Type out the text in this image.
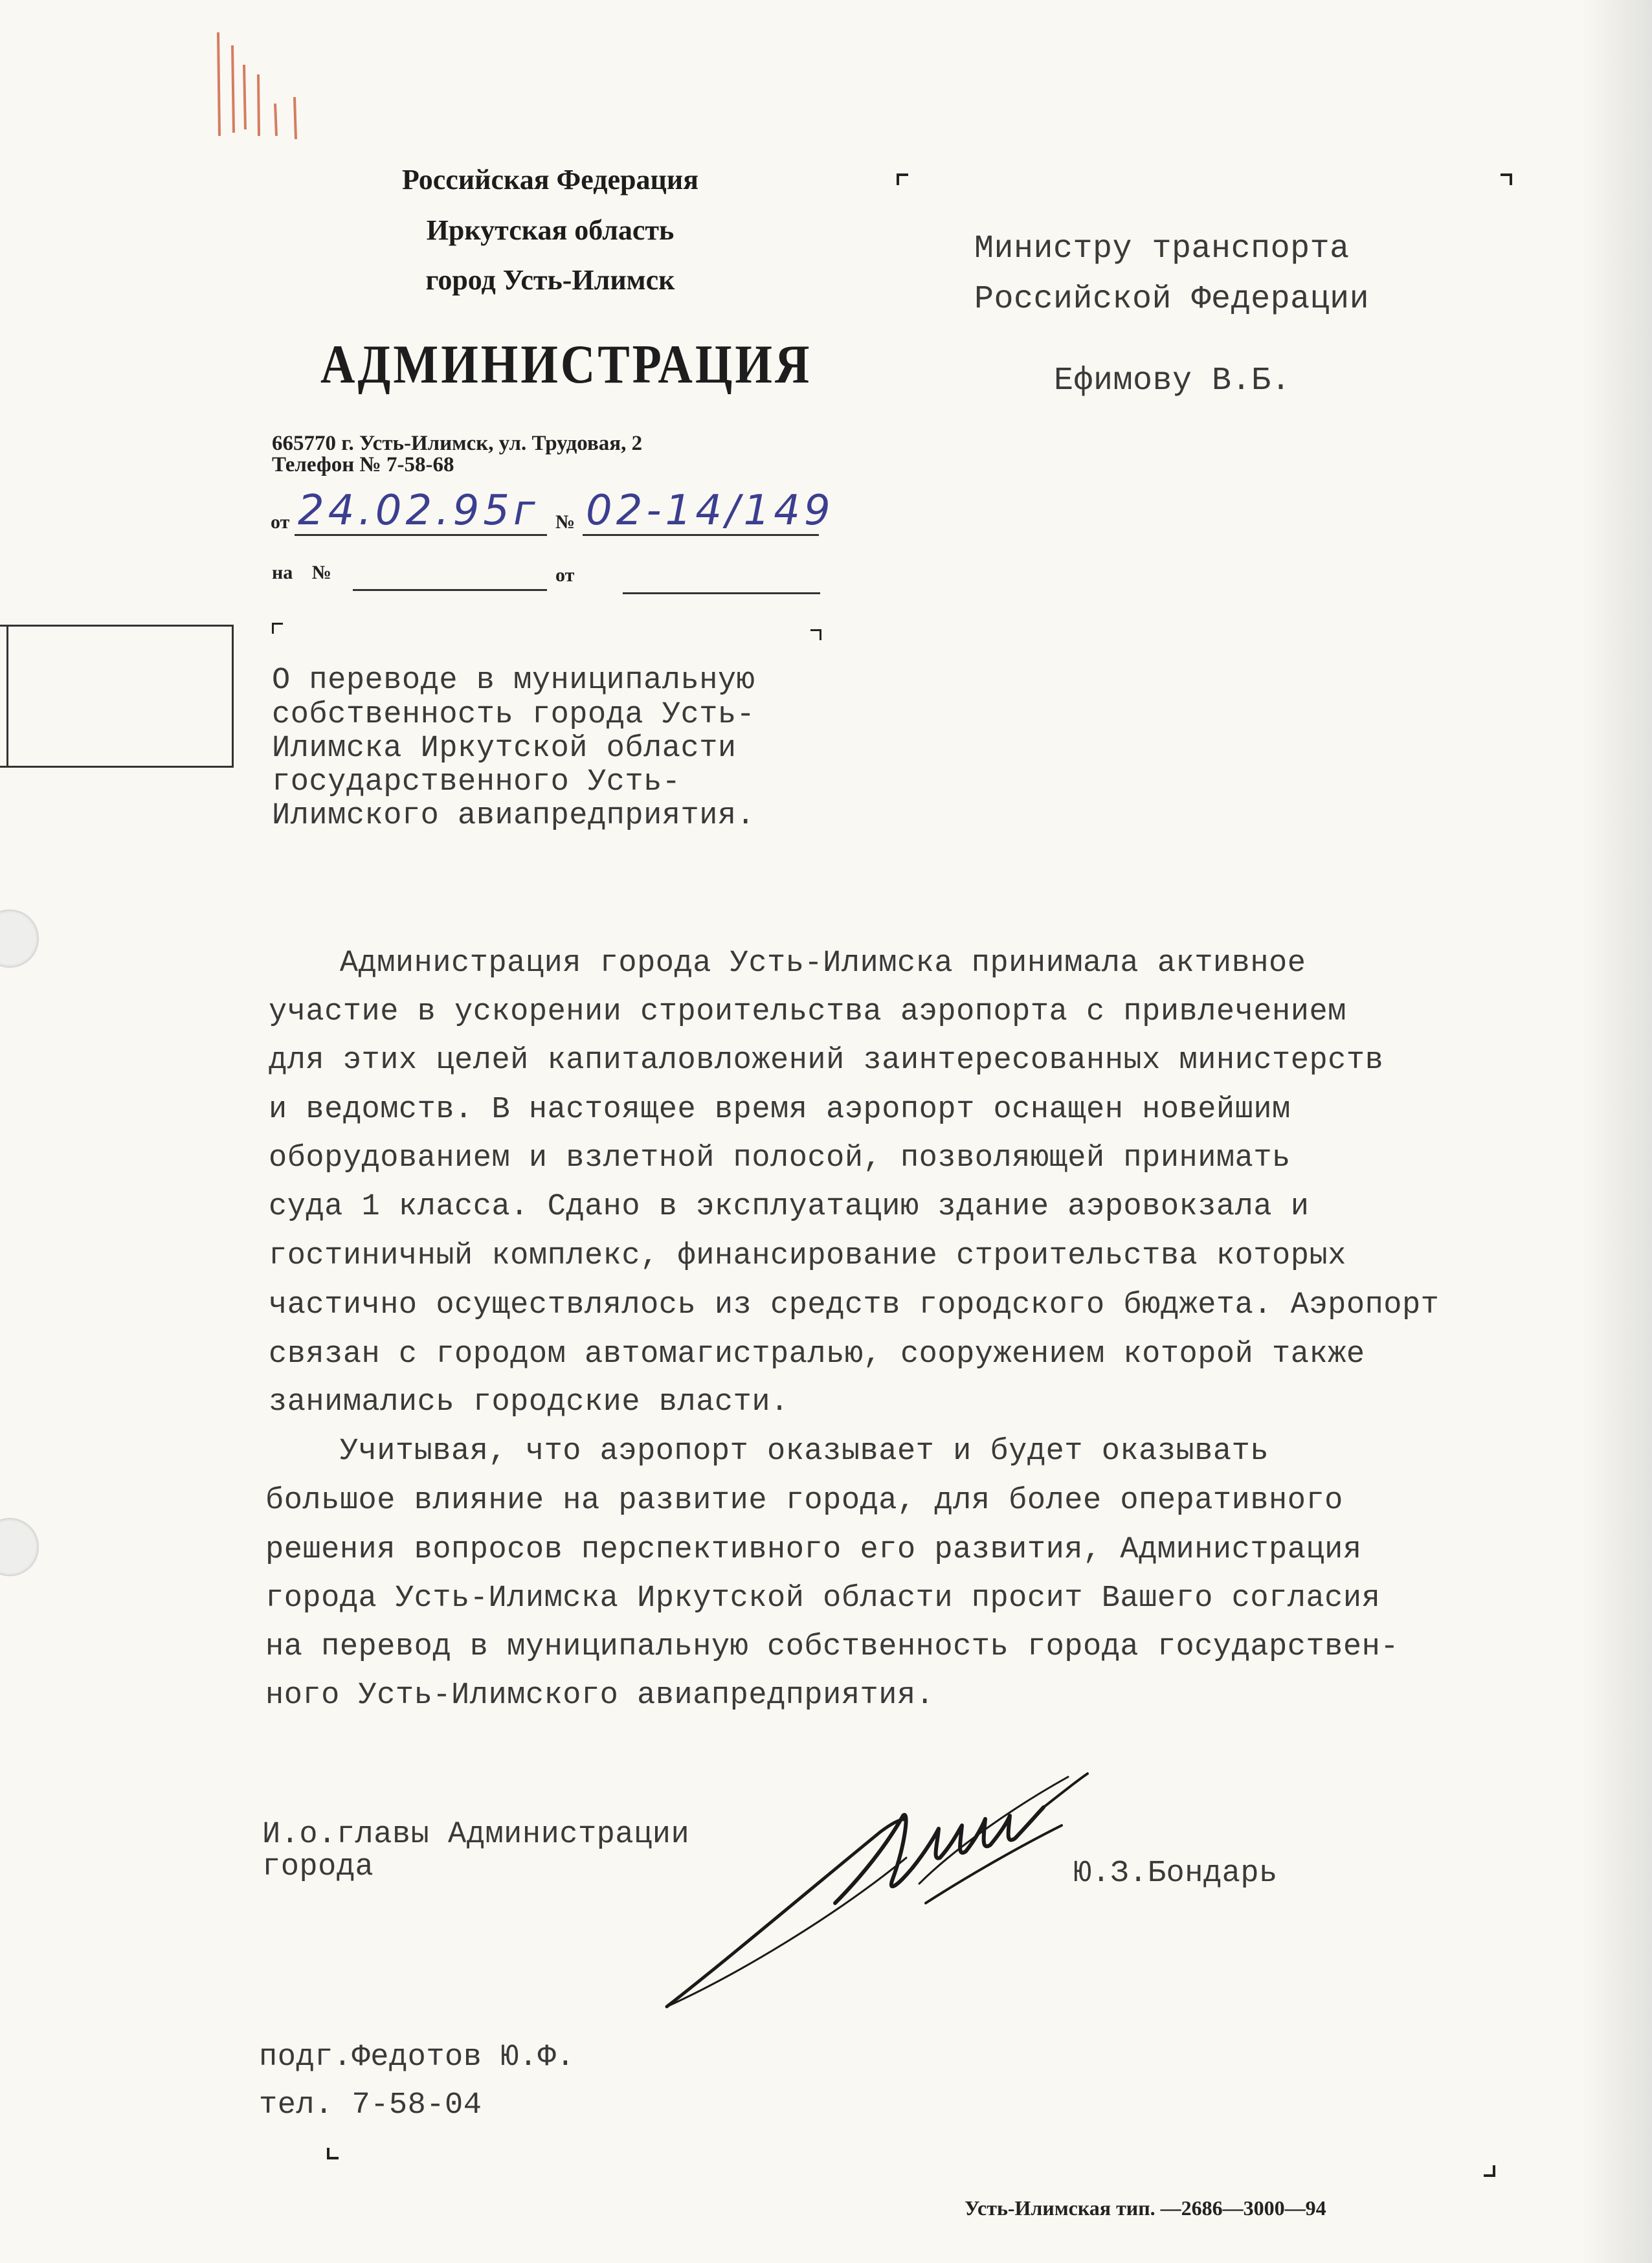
Российская Федерация
Иркутская область
город Усть-Илимск
АДМИНИСТРАЦИЯ
665770 г. Усть-Илимск, ул. Трудовая, 2
Телефон № 7-58-68
от 24.02.95г № 02-14/149
на №	от
Министру транспорта
Российской Федерации
Ефимову В.Б.
О переводе в муниципальную
собственность города Усть-
Илимска Иркутской области
государственного Усть-
Илимского авиапредприятия.
Администрация города Усть-Илимска принимала активное
участие в ускорении строительства аэропорта с привлечением
для этих целей капиталовложений заинтересованных министерств
и ведомств. В настоящее время аэропорт оснащен новейшим
оборудованием и взлетной полосой, позволяющей принимать
суда 1 класса. Сдано в эксплуатацию здание аэровокзала и
гостиничный комплекс, финансирование строительства которых
частично осуществлялось из средств городского бюджета. Аэропорт
связан с городом автомагистралью, сооружением которой также
занимались городские власти.
Учитывая, что аэропорт оказывает и будет оказывать
большое влияние на развитие города, для более оперативного
решения вопросов перспективного его развития, Администрация
города Усть-Илимска Иркутской области просит Вашего согласия
на перевод в муниципальную собственность города государствен-
ного Усть-Илимского авиапредприятия.
И.о.главы Администрации
города	Ю.З.Бондарь
подг.Федотов Ю.Ф.
тел. 7-58-04
Усть-Илимская тип. —2686—3000—94
